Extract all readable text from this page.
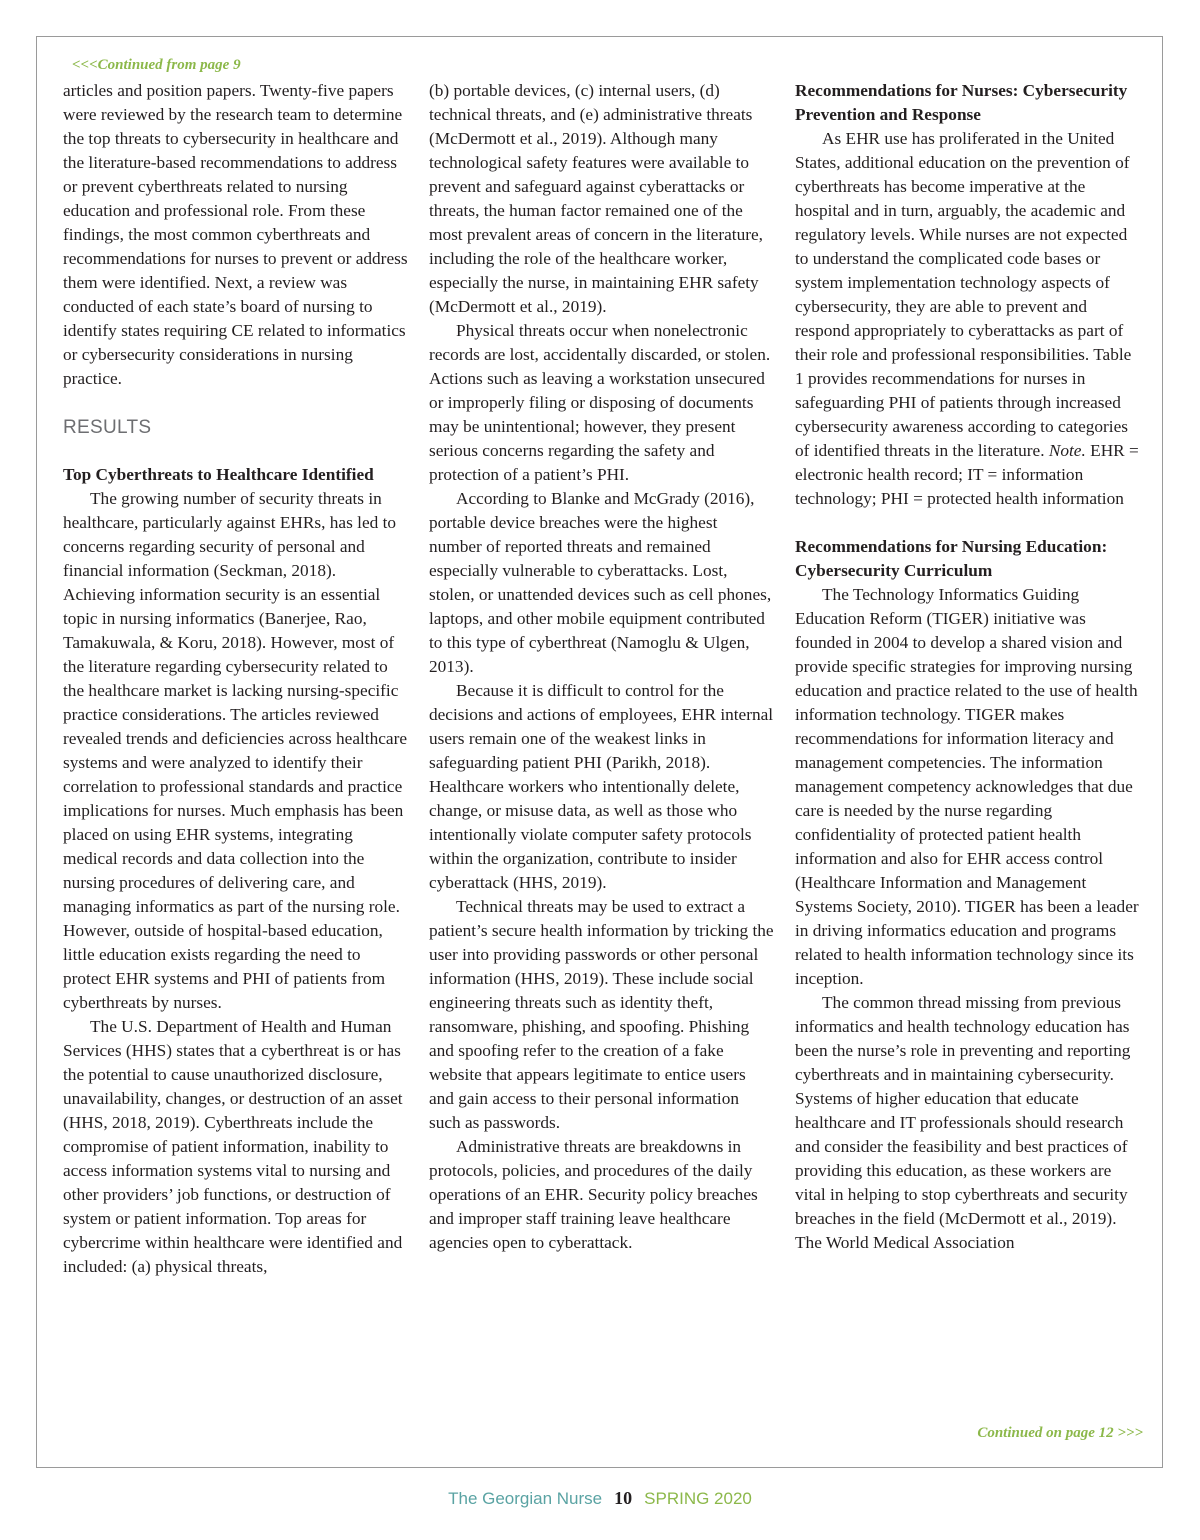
<<<Continued from page 9

articles and position papers. Twenty-five papers were reviewed by the research team to determine the top threats to cybersecurity in healthcare and the literature-based recommendations to address or prevent cyberthreats related to nursing education and professional role. From these findings, the most common cyberthreats and recommendations for nurses to prevent or address them were identified. Next, a review was conducted of each state’s board of nursing to identify states requiring CE related to informatics or cybersecurity considerations in nursing practice.

RESULTS

Top Cyberthreats to Healthcare Identified

The growing number of security threats in healthcare, particularly against EHRs, has led to concerns regarding security of personal and financial information (Seckman, 2018). Achieving information security is an essential topic in nursing informatics (Banerjee, Rao, Tamakuwala, & Koru, 2018). However, most of the literature regarding cybersecurity related to the healthcare market is lacking nursing-specific practice considerations. The articles reviewed revealed trends and deficiencies across healthcare systems and were analyzed to identify their correlation to professional standards and practice implications for nurses. Much emphasis has been placed on using EHR systems, integrating medical records and data collection into the nursing procedures of delivering care, and managing informatics as part of the nursing role. However, outside of hospital-based education, little education exists regarding the need to protect EHR systems and PHI of patients from cyberthreats by nurses.

The U.S. Department of Health and Human Services (HHS) states that a cyberthreat is or has the potential to cause unauthorized disclosure, unavailability, changes, or destruction of an asset (HHS, 2018, 2019). Cyberthreats include the compromise of patient information, inability to access information systems vital to nursing and other providers’ job functions, or destruction of system or patient information. Top areas for cybercrime within healthcare were identified and included: (a) physical threats,

(b) portable devices, (c) internal users, (d) technical threats, and (e) administrative threats (McDermott et al., 2019). Although many technological safety features were available to prevent and safeguard against cyberattacks or threats, the human factor remained one of the most prevalent areas of concern in the literature, including the role of the healthcare worker, especially the nurse, in maintaining EHR safety (McDermott et al., 2019).

Physical threats occur when nonelectronic records are lost, accidentally discarded, or stolen. Actions such as leaving a workstation unsecured or improperly filing or disposing of documents may be unintentional; however, they present serious concerns regarding the safety and protection of a patient’s PHI.

According to Blanke and McGrady (2016), portable device breaches were the highest number of reported threats and remained especially vulnerable to cyberattacks. Lost, stolen, or unattended devices such as cell phones, laptops, and other mobile equipment contributed to this type of cyberthreat (Namoglu & Ulgen, 2013).

Because it is difficult to control for the decisions and actions of employees, EHR internal users remain one of the weakest links in safeguarding patient PHI (Parikh, 2018). Healthcare workers who intentionally delete, change, or misuse data, as well as those who intentionally violate computer safety protocols within the organization, contribute to insider cyberattack (HHS, 2019).

Technical threats may be used to extract a patient’s secure health information by tricking the user into providing passwords or other personal information (HHS, 2019). These include social engineering threats such as identity theft, ransomware, phishing, and spoofing. Phishing and spoofing refer to the creation of a fake website that appears legitimate to entice users and gain access to their personal information such as passwords.

Administrative threats are breakdowns in protocols, policies, and procedures of the daily operations of an EHR. Security policy breaches and improper staff training leave healthcare agencies open to cyberattack.

Recommendations for Nurses: Cybersecurity Prevention and Response

As EHR use has proliferated in the United States, additional education on the prevention of cyberthreats has become imperative at the hospital and in turn, arguably, the academic and regulatory levels. While nurses are not expected to understand the complicated code bases or system implementation technology aspects of cybersecurity, they are able to prevent and respond appropriately to cyberattacks as part of their role and professional responsibilities. Table 1 provides recommendations for nurses in safeguarding PHI of patients through increased cybersecurity awareness according to categories of identified threats in the literature. Note. EHR = electronic health record; IT = information technology; PHI = protected health information

Recommendations for Nursing Education: Cybersecurity Curriculum

The Technology Informatics Guiding Education Reform (TIGER) initiative was founded in 2004 to develop a shared vision and provide specific strategies for improving nursing education and practice related to the use of health information technology. TIGER makes recommendations for information literacy and management competencies. The information management competency acknowledges that due care is needed by the nurse regarding confidentiality of protected patient health information and also for EHR access control (Healthcare Information and Management Systems Society, 2010). TIGER has been a leader in driving informatics education and programs related to health information technology since its inception.

The common thread missing from previous informatics and health technology education has been the nurse’s role in preventing and reporting cyberthreats and in maintaining cybersecurity. Systems of higher education that educate healthcare and IT professionals should research and consider the feasibility and best practices of providing this education, as these workers are vital in helping to stop cyberthreats and security breaches in the field (McDermott et al., 2019). The World Medical Association

Continued on page 12 >>>
The Georgian Nurse 10 SPRING 2020
